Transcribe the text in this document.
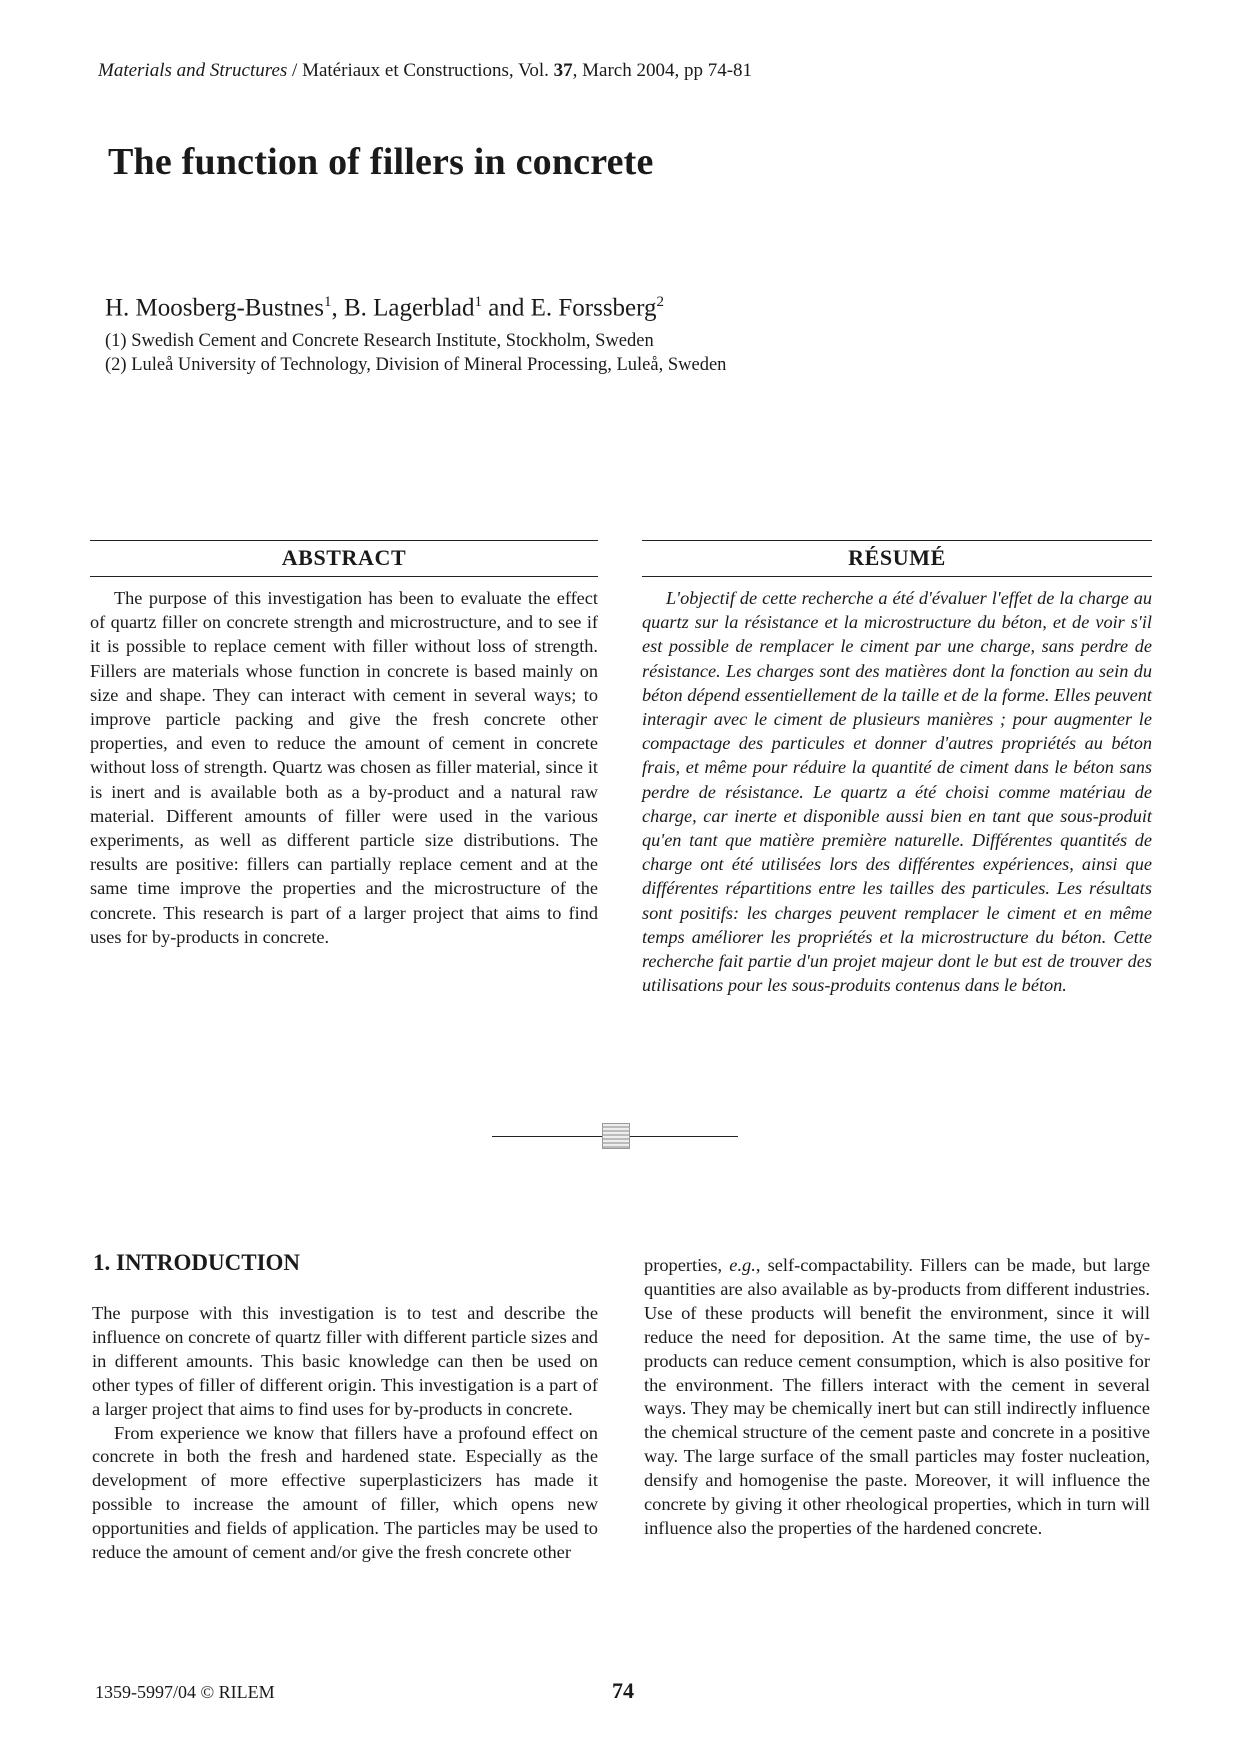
Materials and Structures / Matériaux et Constructions, Vol. 37, March 2004, pp 74-81
The function of fillers in concrete
H. Moosberg-Bustnes$^1$, B. Lagerblad$^1$ and E. Forssberg$^2$
(1) Swedish Cement and Concrete Research Institute, Stockholm, Sweden
(2) Luleå University of Technology, Division of Mineral Processing, Luleå, Sweden
ABSTRACT

The purpose of this investigation has been to evaluate the effect of quartz filler on concrete strength and microstructure, and to see if it is possible to replace cement with filler without loss of strength. Fillers are materials whose function in concrete is based mainly on size and shape. They can interact with cement in several ways; to improve particle packing and give the fresh concrete other properties, and even to reduce the amount of cement in concrete without loss of strength. Quartz was chosen as filler material, since it is inert and is available both as a by-product and a natural raw material. Different amounts of filler were used in the various experiments, as well as different particle size distributions. The results are positive: fillers can partially replace cement and at the same time improve the properties and the microstructure of the concrete. This research is part of a larger project that aims to find uses for by-products in concrete.

RÉSUMÉ

L'objectif de cette recherche a été d'évaluer l'effet de la charge au quartz sur la résistance et la microstructure du béton, et de voir s'il est possible de remplacer le ciment par une charge, sans perdre de résistance. Les charges sont des matières dont la fonction au sein du béton dépend essentiellement de la taille et de la forme. Elles peuvent interagir avec le ciment de plusieurs manières ; pour augmenter le compactage des particules et donner d'autres propriétés au béton frais, et même pour réduire la quantité de ciment dans le béton sans perdre de résistance. Le quartz a été choisi comme matériau de charge, car inerte et disponible aussi bien en tant que sous-produit qu'en tant que matière première naturelle. Différentes quantités de charge ont été utilisées lors des différentes expériences, ainsi que différentes répartitions entre les tailles des particules. Les résultats sont positifs: les charges peuvent remplacer le ciment et en même temps améliorer les propriétés et la microstructure du béton. Cette recherche fait partie d'un projet majeur dont le but est de trouver des utilisations pour les sous-produits contenus dans le béton.

1. INTRODUCTION

The purpose with this investigation is to test and describe the influence on concrete of quartz filler with different particle sizes and in different amounts. This basic knowledge can then be used on other types of filler of different origin. This investigation is a part of a larger project that aims to find uses for by-products in concrete.

From experience we know that fillers have a profound effect on concrete in both the fresh and hardened state. Especially as the development of more effective superplasticizers has made it possible to increase the amount of filler, which opens new opportunities and fields of application. The particles may be used to reduce the amount of cement and/or give the fresh concrete other

properties, e.g., self-compactability. Fillers can be made, but large quantities are also available as by-products from different industries. Use of these products will benefit the environment, since it will reduce the need for deposition. At the same time, the use of by-products can reduce cement consumption, which is also positive for the environment. The fillers interact with the cement in several ways. They may be chemically inert but can still indirectly influence the chemical structure of the cement paste and concrete in a positive way. The large surface of the small particles may foster nucleation, densify and homogenise the paste. Moreover, it will influence the concrete by giving it other rheological properties, which in turn will influence also the properties of the hardened concrete.

1359-5997/04 © RILEM	74
